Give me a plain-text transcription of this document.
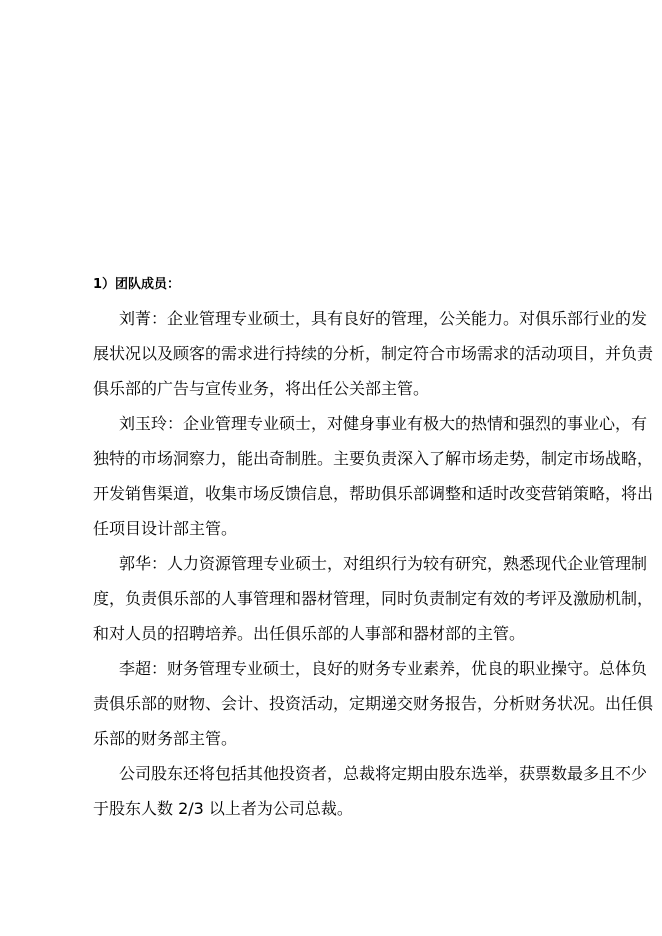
1）团队成员：
刘菁：企业管理专业硕士，具有良好的管理，公关能力。对俱乐部行业的发
展状况以及顾客的需求进行持续的分析，制定符合市场需求的活动项目，并负责
俱乐部的广告与宣传业务，将出任公关部主管。
刘玉玲：企业管理专业硕士，对健身事业有极大的热情和强烈的事业心，有
独特的市场洞察力，能出奇制胜。主要负责深入了解市场走势，制定市场战略，
开发销售渠道，收集市场反馈信息，帮助俱乐部调整和适时改变营销策略，将出
任项目设计部主管。
郭华：人力资源管理专业硕士，对组织行为较有研究，熟悉现代企业管理制
度，负责俱乐部的人事管理和器材管理，同时负责制定有效的考评及激励机制，
和对人员的招聘培养。出任俱乐部的人事部和器材部的主管。
李超：财务管理专业硕士，良好的财务专业素养，优良的职业操守。总体负
责俱乐部的财物、会计、投资活动，定期递交财务报告，分析财务状况。出任俱
乐部的财务部主管。
公司股东还将包括其他投资者，总裁将定期由股东选举，获票数最多且不少
于股东人数 2/3 以上者为公司总裁。
